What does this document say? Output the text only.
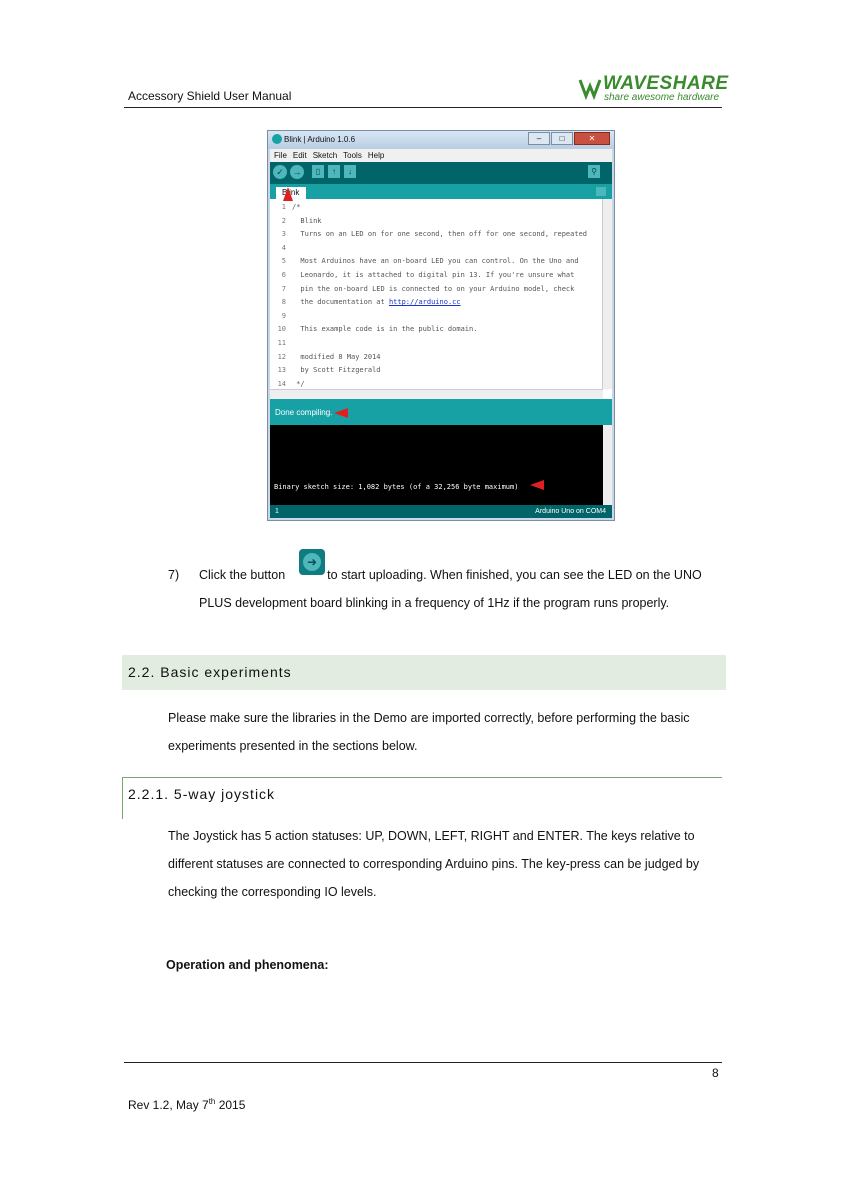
Accessory Shield User Manual
WAVESHARE
share awesome hardware
Blink | Arduino 1.0.6	–	□	✕
File Edit Sketch Tools Help
✓ →	▯	↑	↓	⚲
Blink
1 /*
2  Blink
3  Turns on an LED on for one second, then off for one second, repeated
4
5  Most Arduinos have an on-board LED you can control. On the Uno and
6  Leonardo, it is attached to digital pin 13. If you're unsure what
7  pin the on-board LED is connected to on your Arduino model, check
8  the documentation at http://arduino.cc
9
10  This example code is in the public domain.
11
12  modified 8 May 2014
13  by Scott Fitzgerald
14 */
Done compiling.
Binary sketch size: 1,082 bytes (of a 32,256 byte maximum)
1	Arduino Uno on COM4
7)
➜
Click the button	to start uploading. When finished, you can see the LED on the UNO PLUS development board blinking in a frequency of 1Hz if the program runs properly.
2.2. Basic experiments
Please make sure the libraries in the Demo are imported correctly, before performing the basic experiments presented in the sections below.
2.2.1. 5-way joystick
The Joystick has 5 action statuses: UP, DOWN, LEFT, RIGHT and ENTER. The keys relative to different statuses are connected to corresponding Arduino pins. The key-press can be judged by checking the corresponding IO levels.
Operation and phenomena:
8
Rev 1.2, May 7th 2015
